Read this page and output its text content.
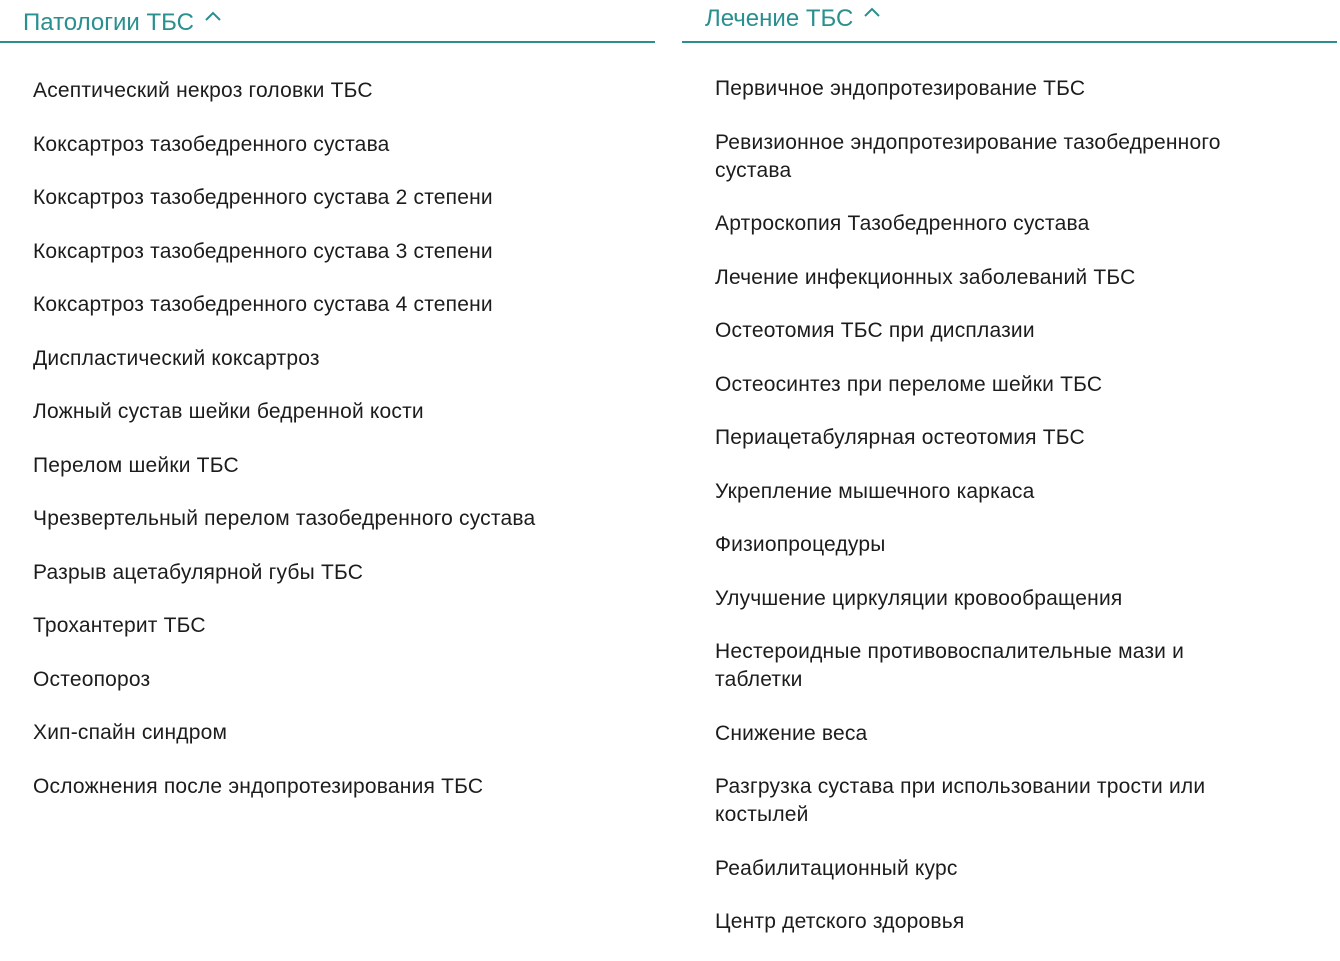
Патологии ТБС
Асептический некроз головки ТБС
Коксартроз тазобедренного сустава
Коксартроз тазобедренного сустава 2 степени
Коксартроз тазобедренного сустава 3 степени
Коксартроз тазобедренного сустава 4 степени
Диспластический коксартроз
Ложный сустав шейки бедренной кости
Перелом шейки ТБС
Чрезвертельный перелом тазобедренного сустава
Разрыв ацетабулярной губы ТБС
Трохантерит ТБС
Остеопороз
Хип-спайн синдром
Осложнения после эндопротезирования ТБС
Лечение ТБС
Первичное эндопротезирование ТБС
Ревизионное эндопротезирование тазобедренного сустава
Артроскопия Тазобедренного сустава
Лечение инфекционных заболеваний ТБС
Остеотомия ТБС при дисплазии
Остеосинтез при переломе шейки ТБС
Периацетабулярная остеотомия ТБС
Укрепление мышечного каркаса
Физиопроцедуры
Улучшение циркуляции кровообращения
Нестероидные противовоспалительные мази и таблетки
Снижение веса
Разгрузка сустава при использовании трости или костылей
Реабилитационный курс
Центр детского здоровья
